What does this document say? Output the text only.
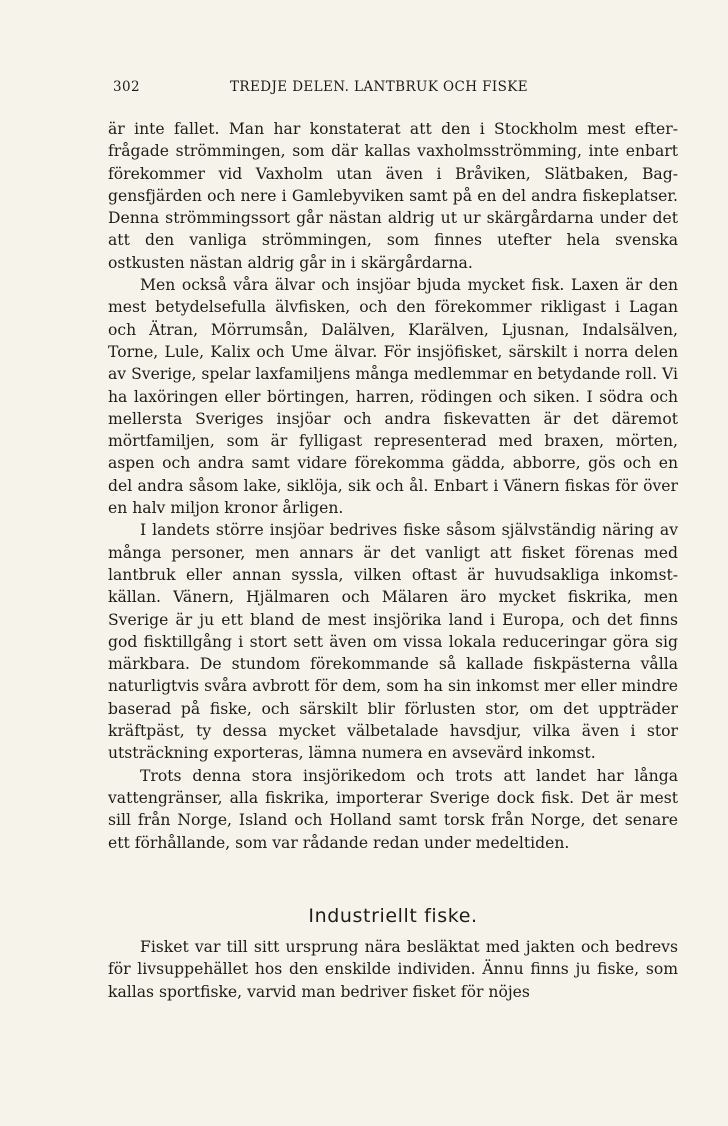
302	TREDJE DELEN. LANTBRUK OCH FISKE

är inte fallet. Man har konstaterat att den i Stockholm mest efterfrågade strömmingen, som där kallas vaxholmsströmming, inte enbart förekommer vid Vaxholm utan även i Bråviken, Slätbaken, Baggensfjärden och nere i Gamlebyviken samt på en del andra fiskeplatser. Denna strömmingssort går nästan aldrig ut ur skärgårdarna under det att den vanliga strömmingen, som finnes utefter hela svenska ostkusten nästan aldrig går in i skärgårdarna.

Men också våra älvar och insjöar bjuda mycket fisk. Laxen är den mest betydelsefulla älvfisken, och den förekommer rikligast i Lagan och Ätran, Mörrumsån, Dalälven, Klarälven, Ljusnan, Indalsälven, Torne, Lule, Kalix och Ume älvar. För insjöfisket, särskilt i norra delen av Sverige, spelar laxfamiljens många medlemmar en betydande roll. Vi ha laxöringen eller börtingen, harren, rödingen och siken. I södra och mellersta Sveriges insjöar och andra fiskevatten är det däremot mörtfamiljen, som är fylligast representerad med braxen, mörten, aspen och andra samt vidare förekomma gädda, abborre, gös och en del andra såsom lake, siklöja, sik och ål. Enbart i Vänern fiskas för över en halv miljon kronor årligen.

I landets större insjöar bedrives fiske såsom självständig näring av många personer, men annars är det vanligt att fisket förenas med lantbruk eller annan syssla, vilken oftast är huvudsakliga inkomstkällan. Vänern, Hjälmaren och Mälaren äro mycket fiskrika, men Sverige är ju ett bland de mest insjörika land i Europa, och det finns god fisktillgång i stort sett även om vissa lokala reduceringar göra sig märkbara. De stundom förekommande så kallade fiskpästerna vålla naturligtvis svåra avbrott för dem, som ha sin inkomst mer eller mindre baserad på fiske, och särskilt blir förlusten stor, om det uppträder kräftpäst, ty dessa mycket välbetalade havsdjur, vilka även i stor utsträckning exporteras, lämna numera en avsevärd inkomst.

Trots denna stora insjörikedom och trots att landet har långa vattengränser, alla fiskrika, importerar Sverige dock fisk. Det är mest sill från Norge, Island och Holland samt torsk från Norge, det senare ett förhållande, som var rådande redan under medeltiden.

Industriellt fiske.

Fisket var till sitt ursprung nära besläktat med jakten och bedrevs för livsuppehället hos den enskilde individen. Ännu finns ju fiske, som kallas sportfiske, varvid man bedriver fisket för nöjes
